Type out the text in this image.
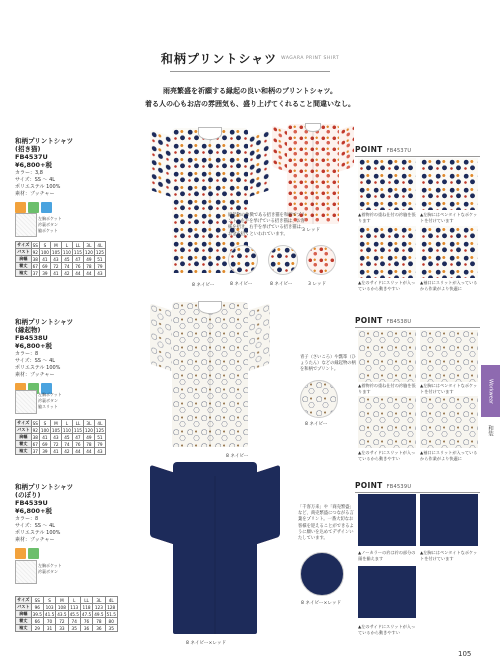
和柄プリントシャツ WAGARA PRINT SHIRT
雨亮繁盛を祈願する縁起の良い和柄のプリントシャツ。
着る人の心もお店の雰囲気も、盛り上げてくれること間違いなし。
Workwear
和装
105
和柄プリントシャツ
(招き猫)
FB4537U
¥6,800+税
カラー：3,8
サイズ：SS 〜 4L
ポリエステル 100%
素材：ブッチャー
左胸ポケット
衿裏ボタン
脇ポケット
サイズ	SS	S	M	L	LL	3L	4L
バスト	92	100	105	110	115	120	125
肩幅	38	41	43	45	47	49	51
着丈	67	69	72	74	76	78	79
袖丈	37	39	41	42	44	44	43
8 ネイビー
3 レッド
縁起物の象徴である招き猫を和柄でプリント。左手を挙げている招き猫は、お客様を招き、右手を挙げている招き猫は、お金を招くといわれています。
8 ネイビー	8 ネイビー	3 レッド
POINT FB4537U
▲着物衿の重ね仕付の衿脇を張ります
▲左胸にはペンタイトなポケットを付けています
▲左のサイドにスリットが入っているから動きやすい
▲袖口にスリットが入っているから作業がより快適に
和柄プリントシャツ
(縁起物)
FB4538U
¥6,800+税
カラー：8
サイズ：SS 〜 4L
ポリエステル 100%
素材：ブッチャー
左胸ポケット
衿裏ボタン
脇スリット
サイズ	SS	S	M	L	LL	3L	4L
バスト	92	100	105	110	115	120	125
肩幅	38	41	43	45	47	49	51
着丈	67	69	72	74	76	78	79
袖丈	37	39	41	42	44	44	43
8 ネイビー
青子（さいころ）や瓢箪（ひょうたん）などの縁起物の柄を和柄でプリント。
8 ネイビー
POINT FB4538U
▲着物衿の重ね仕付の衿脇を張ります
▲左胸にはペンタイトなポケットを付けています
▲左のサイドにスリットが入っているから動きやすい
▲袖口にスリットが入っているから作業がより快適に
和柄プリントシャツ
(のぼり)
FB4539U
¥6,800+税
カラー：8
サイズ：SS 〜 4L
ポリエステル 100%
素材：ブッチャー
左胸ポケット
衿裏ボタン
サイズ	SS	S	M	L	LL	3L	4L
バスト	96	103	108	113	118	123	128
肩幅	39.5	41.5	43.5	45.5	47.5	49.5	51.5
着丈	66	70	72	74	76	78	80
袖丈	29	31	33	35	36	36	35
8 ネイビー×レッド
「千客万来」や「商売繁盛」など、商売繁盛につながる言葉をプリント。一番大切なお客様を迎えることができるように願いを込めてデザインいたしています。
8 ネイビー×レッド
POINT FB4539U
▲ノーカラーの衿は衿の部分の頭を揃えます
▲左胸にはペンタイトなポケットを付けています
▲左のサイドにスリットが入っているから動きやすい
